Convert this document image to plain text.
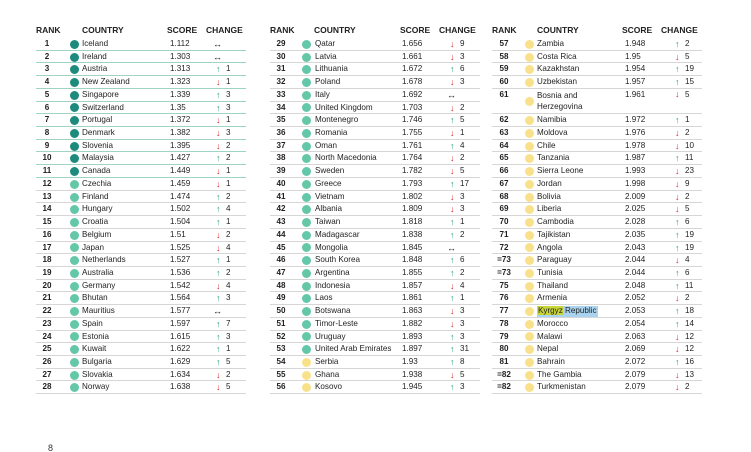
RANK	COUNTRY	SCORE CHANGE
1	Iceland	1.112	↔
2	Ireland	1.303	↔
3	Austria	1.313	↑ 1
4	New Zealand	1.323	↓ 1
5	Singapore	1.339	↑ 3
6	Switzerland	1.35	↑ 3
7	Portugal	1.372	↓ 1
8	Denmark	1.382	↓ 3
9	Slovenia	1.395	↓ 2
10	Malaysia	1.427	↑ 2
11	Canada	1.449	↓ 1
12	Czechia	1.459	↓ 1
13	Finland	1.474	↑ 2
14	Hungary	1.502	↑ 4
15	Croatia	1.504	↑ 1
16	Belgium	1.51	↓ 2
17	Japan	1.525	↓ 4
18	Netherlands	1.527	↑ 1
19	Australia	1.536	↑ 2
20	Germany	1.542	↓ 4
21	Bhutan	1.564	↑ 3
22	Mauritius	1.577	↔
23	Spain	1.597	↑ 7
24	Estonia	1.615	↑ 3
25	Kuwait	1.622	↑ 1
26	Bulgaria	1.629	↑ 5
27	Slovakia	1.634	↓ 2
28	Norway	1.638	↓ 5
RANK COUNTRY	SCORE CHANGE
29	Qatar	1.656	↓ 9
30	Latvia	1.661	↓ 3
31	Lithuania	1.672	↑ 6
32	Poland	1.678	↓ 3
33	Italy	1.692	↔
34	United Kingdom	1.703	↓ 2
35	Montenegro	1.746	↑ 5
36	Romania	1.755	↓ 1
37	Oman	1.761	↑ 4
38	North Macedonia	1.764	↓ 2
39	Sweden	1.782	↓ 5
40	Greece	1.793	↑ 17
41	Vietnam	1.802	↓ 3
42	Albania	1.809	↓ 3
43	Taiwan	1.818	↑ 1
44	Madagascar	1.838	↑ 2
45	Mongolia	1.845	↔
46	South Korea	1.848	↑ 6
47	Argentina	1.855	↑ 2
48	Indonesia	1.857	↓ 4
49	Laos	1.861	↑ 1
50	Botswana	1.863	↓ 3
51	Timor-Leste	1.882	↓ 3
52	Uruguay	1.893	↑ 3
53	United Arab Emirates 1.897	↑ 31
54	Serbia	1.93	↑ 8
55	Ghana	1.938	↓ 5
56	Kosovo	1.945	↑ 3
RANK COUNTRY	SCORE CHANGE
57	Zambia	1.948	↑ 2
58	Costa Rica	1.95	↓ 5
59	Kazakhstan	1.954	↑ 19
60	Uzbekistan	1.957	↑ 15
61	Bosnia and
Herzegovina
1.961	↓ 5
62	Namibia	1.972	↑ 1
63	Moldova	1.976	↓ 2
64	Chile	1.978	↓ 10
65	Tanzania	1.987	↑ 11
66	Sierra Leone	1.993	↓ 23
67	Jordan	1.998	↓ 9
68	Bolivia	2.009	↓ 2
69	Liberia	2.025	↓ 5
70	Cambodia	2.028	↑ 6
71	Tajikistan	2.035	↑ 19
72	Angola	2.043	↑ 19
=73	Paraguay	2.044	↓ 4
=73	Tunisia	2.044	↑ 6
75	Thailand	2.048	↑ 11
76	Armenia	2.052	↓ 2
77	Kyrgyz Republic	2.053	↑ 18
78	Morocco	2.054	↑ 14
79	Malawi	2.063	↓ 12
80	Nepal	2.069	↓ 12
81	Bahrain	2.072	↑ 16
=82	The Gambia	2.079	↓ 13
=82	Turkmenistan	2.079	↓ 2
8
